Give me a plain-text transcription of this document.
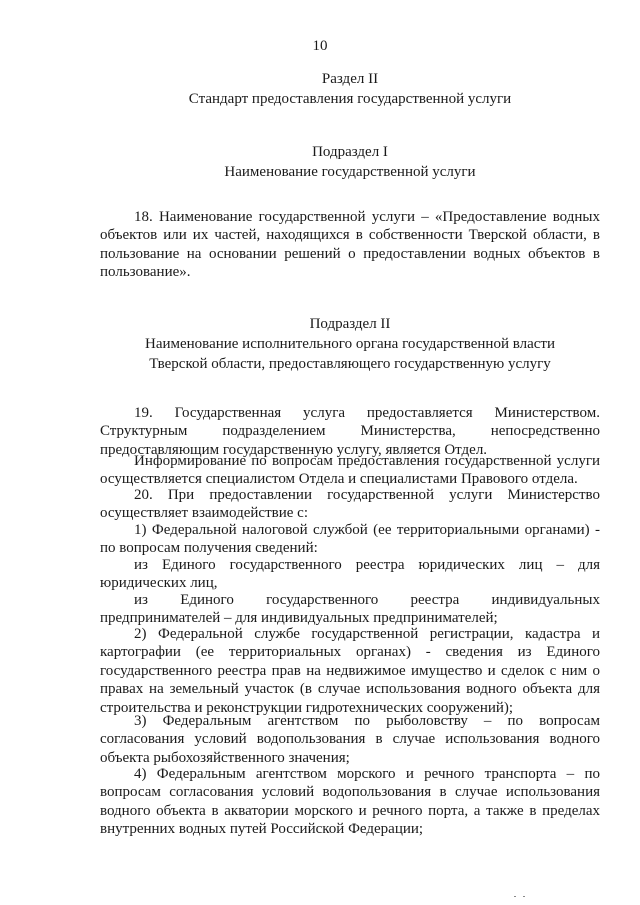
10
Раздел II
Стандарт предоставления государственной услуги
Подраздел I
Наименование государственной услуги
18. Наименование государственной услуги – «Предоставление водных объектов или их частей, находящихся в собственности Тверской области, в пользование на основании решений о предоставлении водных объектов в пользование».
Подраздел II
Наименование исполнительного органа государственной власти
Тверской области, предоставляющего государственную услугу
19. Государственная услуга предоставляется Министерством. Структурным подразделением Министерства, непосредственно предоставляющим государственную услугу, является Отдел.
Информирование по вопросам предоставления государственной услуги осуществляется специалистом Отдела и специалистами Правового отдела.
20. При предоставлении государственной услуги Министерство осуществляет взаимодействие с:
1) Федеральной налоговой службой (ее территориальными органами) - по вопросам получения сведений:
из Единого государственного реестра юридических лиц – для юридических лиц,
из Единого государственного реестра индивидуальных предпринимателей – для индивидуальных предпринимателей;
2) Федеральной службе государственной регистрации, кадастра и картографии (ее территориальных органах) - сведения из Единого государственного реестра прав на недвижимое имущество и сделок с ним о правах на земельный участок (в случае использования водного объекта для строительства и реконструкции гидротехнических сооружений);
3) Федеральным агентством по рыболовству – по вопросам согласования условий водопользования в случае использования водного объекта рыбохозяйственного значения;
4) Федеральным агентством морского и речного транспорта – по вопросам согласования условий водопользования в случае использования водного объекта в акватории морского и речного порта, а также в пределах внутренних водных путей Российской Федерации;
